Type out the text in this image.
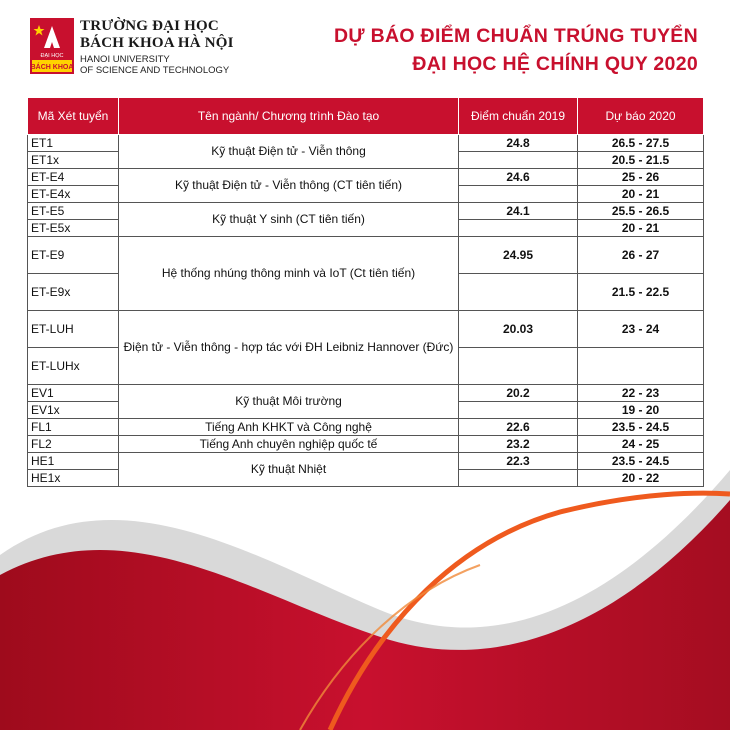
ĐẠI HỌC
BÁCH KHOA
TRƯỜNG ĐẠI HỌC
BÁCH KHOA HÀ NỘI
HANOI UNIVERSITY
OF SCIENCE AND TECHNOLOGY
DỰ BÁO ĐIỂM CHUẨN TRÚNG TUYỂN
ĐẠI HỌC HỆ CHÍNH QUY 2020
Mã Xét tuyển	Tên ngành/ Chương trình Đào tạo	Điểm chuẩn 2019	Dự báo 2020
ET1	Kỹ thuật Điện tử - Viễn thông	24.8	26.5 - 27.5
ET1x			20.5 - 21.5
ET-E4	Kỹ thuật Điện tử - Viễn thông (CT tiên tiến)	24.6	25 - 26
ET-E4x			20 - 21
ET-E5	Kỹ thuật Y sinh (CT tiên tiến)	24.1	25.5 - 26.5
ET-E5x			20 - 21
ET-E9	Hệ thống nhúng thông minh và IoT (Ct tiên tiến)	24.95	26 - 27
ET-E9x			21.5 - 22.5
ET-LUH	Điện tử - Viễn thông - hợp tác với ĐH Leibniz Hannover (Đức)	20.03	23 - 24
ET-LUHx			
EV1	Kỹ thuật Môi trường	20.2	22 - 23
EV1x			19 - 20
FL1	Tiếng Anh KHKT và Công nghệ	22.6	23.5 - 24.5
FL2	Tiếng Anh chuyên nghiệp quốc tế	23.2	24 - 25
HE1	Kỹ thuật Nhiệt	22.3	23.5 - 24.5
HE1x			20 - 22
